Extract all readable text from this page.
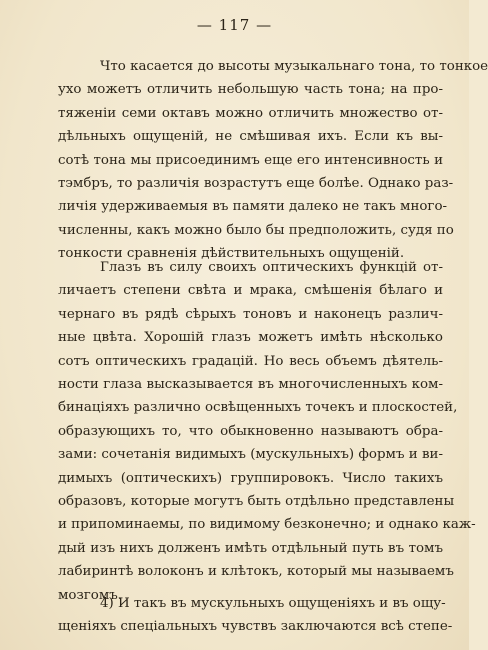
— 117 —
Что касается до высоты музыкальнаго тона, то тонкое
ухо можетъ отличить небольшую часть тона; на про-
тяженіи семи октавъ можно отличить множество от-
дѣльныхъ ощущеній, не смѣшивая ихъ. Если къ вы-
сотѣ тона мы присоединимъ еще его интенсивность и
тэмбръ, то различія возрастутъ еще болѣе. Однако раз-
личія удерживаемыя въ памяти далеко не такъ много-
численны, какъ можно было бы предположить, судя по
тонкости сравненія дѣйствительныхъ ощущеній.
Глазъ въ силу своихъ оптическихъ функцій от-
личаетъ степени свѣта и мрака, смѣшенія бѣлаго и
чернаго въ рядѣ сѣрыхъ тоновъ и наконецъ различ-
ные цвѣта. Хорошій глазъ можетъ имѣть нѣсколько
сотъ оптическихъ градацій. Но весь объемъ дѣятель-
ности глаза высказывается въ многочисленныхъ ком-
бинаціяхъ различно освѣщенныхъ точекъ и плоскостей,
образующихъ то, что обыкновенно называютъ обра-
зами: сочетанія видимыхъ (мускульныхъ) формъ и ви-
димыхъ (оптическихъ) группировокъ. Число такихъ
образовъ, которые могутъ быть отдѣльно представлены
и припоминаемы, по видимому безконечно; и однако каж-
дый изъ нихъ долженъ имѣть отдѣльный путь въ томъ
лабиринтѣ волоконъ и клѣтокъ, который мы называемъ
мозгомъ.
4) И такъ въ мускульныхъ ощущеніяхъ и въ ощу-
щеніяхъ спеціальныхъ чувствъ заключаются всѣ степе-
